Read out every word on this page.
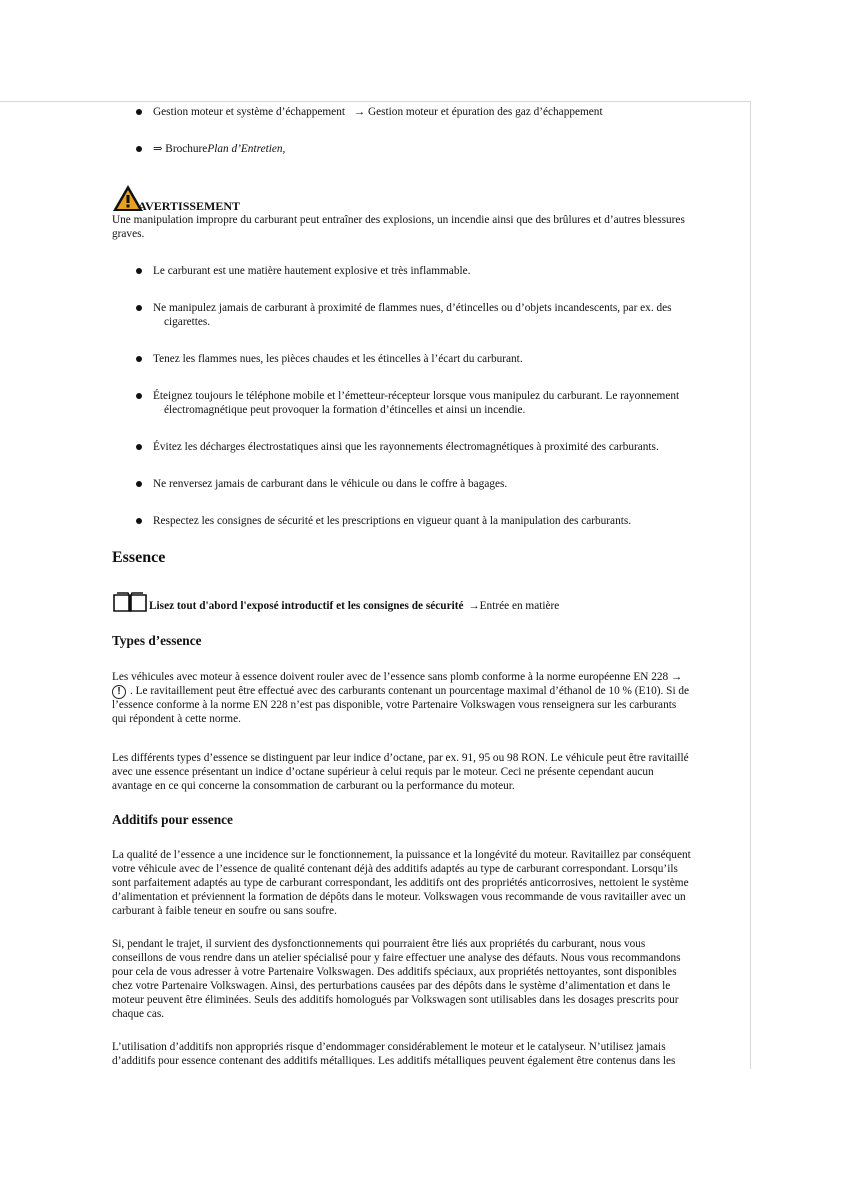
Gestion moteur et système d’échappement → Gestion moteur et épuration des gaz d’échappement
⇒ BrochurePlan d’Entretien,
AVERTISSEMENT
Une manipulation impropre du carburant peut entraîner des explosions, un incendie ainsi que des brûlures et d’autres blessures
graves.
Le carburant est une matière hautement explosive et très inflammable.
Ne manipulez jamais de carburant à proximité de flammes nues, d’étincelles ou d’objets incandescents, par ex. des
cigarettes.
Tenez les flammes nues, les pièces chaudes et les étincelles à l’écart du carburant.
Éteignez toujours le téléphone mobile et l’émetteur-récepteur lorsque vous manipulez du carburant. Le rayonnement
électromagnétique peut provoquer la formation d’étincelles et ainsi un incendie.
Évitez les décharges électrostatiques ainsi que les rayonnements électromagnétiques à proximité des carburants.
Ne renversez jamais de carburant dans le véhicule ou dans le coffre à bagages.
Respectez les consignes de sécurité et les prescriptions en vigueur quant à la manipulation des carburants.
Essence
Lisez tout d'abord l'exposé introductif et les consignes de sécurité →Entrée en matière
Types d’essence
Les véhicules avec moteur à essence doivent rouler avec de l’essence sans plomb conforme à la norme européenne EN 228 →
. Le ravitaillement peut être effectué avec des carburants contenant un pourcentage maximal d’éthanol de 10 % (E10). Si de
l’essence conforme à la norme EN 228 n’est pas disponible, votre Partenaire Volkswagen vous renseignera sur les carburants
qui répondent à cette norme.
!
Les différents types d’essence se distinguent par leur indice d’octane, par ex. 91, 95 ou 98 RON. Le véhicule peut être ravitaillé
avec une essence présentant un indice d’octane supérieur à celui requis par le moteur. Ceci ne présente cependant aucun
avantage en ce qui concerne la consommation de carburant ou la performance du moteur.
Additifs pour essence
La qualité de l’essence a une incidence sur le fonctionnement, la puissance et la longévité du moteur. Ravitaillez par conséquent
votre véhicule avec de l’essence de qualité contenant déjà des additifs adaptés au type de carburant correspondant. Lorsqu’ils
sont parfaitement adaptés au type de carburant correspondant, les additifs ont des propriétés anticorrosives, nettoient le système
d’alimentation et préviennent la formation de dépôts dans le moteur. Volkswagen vous recommande de vous ravitailler avec un
carburant à faible teneur en soufre ou sans soufre.
Si, pendant le trajet, il survient des dysfonctionnements qui pourraient être liés aux propriétés du carburant, nous vous
conseillons de vous rendre dans un atelier spécialisé pour y faire effectuer une analyse des défauts. Nous vous recommandons
pour cela de vous adresser à votre Partenaire Volkswagen. Des additifs spéciaux, aux propriétés nettoyantes, sont disponibles
chez votre Partenaire Volkswagen. Ainsi, des perturbations causées par des dépôts dans le système d’alimentation et dans le
moteur peuvent être éliminées. Seuls des additifs homologués par Volkswagen sont utilisables dans les dosages prescrits pour
chaque cas.
L’utilisation d’additifs non appropriés risque d’endommager considérablement le moteur et le catalyseur. N’utilisez jamais
d’additifs pour essence contenant des additifs métalliques. Les additifs métalliques peuvent également être contenus dans les
